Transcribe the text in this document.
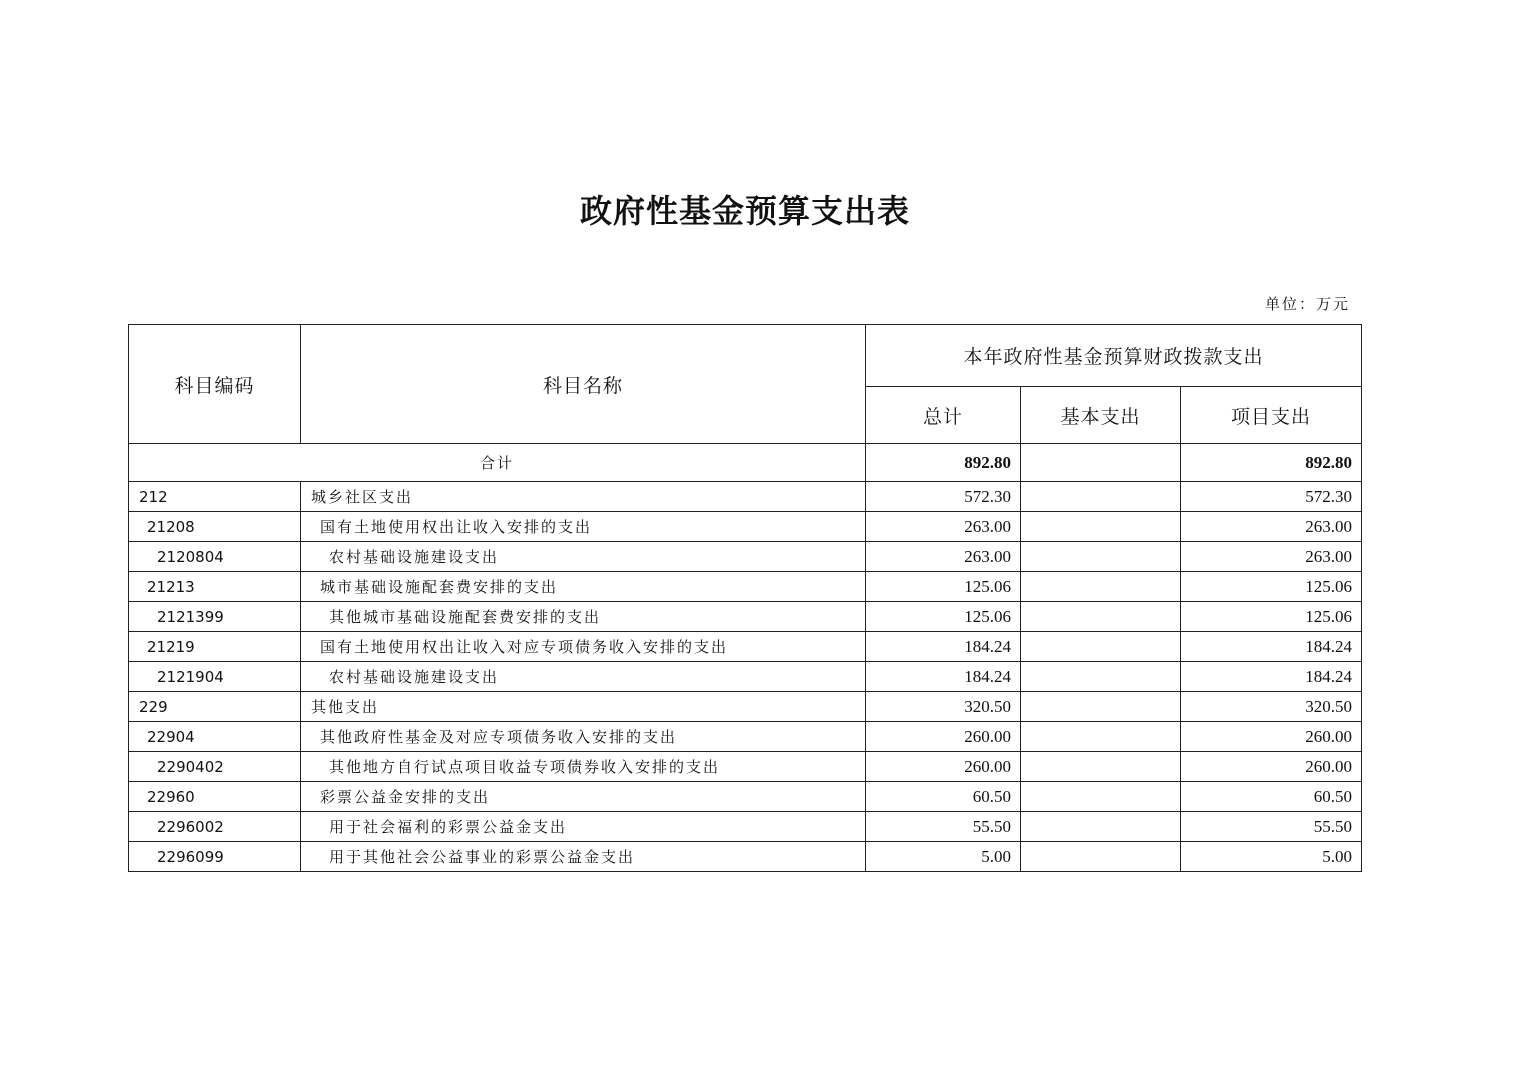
政府性基金预算支出表
单位：万元
科目编码	科目名称	本年政府性基金预算财政拨款支出		
		总计	基本支出	项目支出
合计		892.80		892.80
212	城乡社区支出	572.30		572.30
21208	国有土地使用权出让收入安排的支出	263.00		263.00
2120804	农村基础设施建设支出	263.00		263.00
21213	城市基础设施配套费安排的支出	125.06		125.06
2121399	其他城市基础设施配套费安排的支出	125.06		125.06
21219	国有土地使用权出让收入对应专项债务收入安排的支出	184.24		184.24
2121904	农村基础设施建设支出	184.24		184.24
229	其他支出	320.50		320.50
22904	其他政府性基金及对应专项债务收入安排的支出	260.00		260.00
2290402	其他地方自行试点项目收益专项债券收入安排的支出	260.00		260.00
22960	彩票公益金安排的支出	60.50		60.50
2296002	用于社会福利的彩票公益金支出	55.50		55.50
2296099	用于其他社会公益事业的彩票公益金支出	5.00		5.00
